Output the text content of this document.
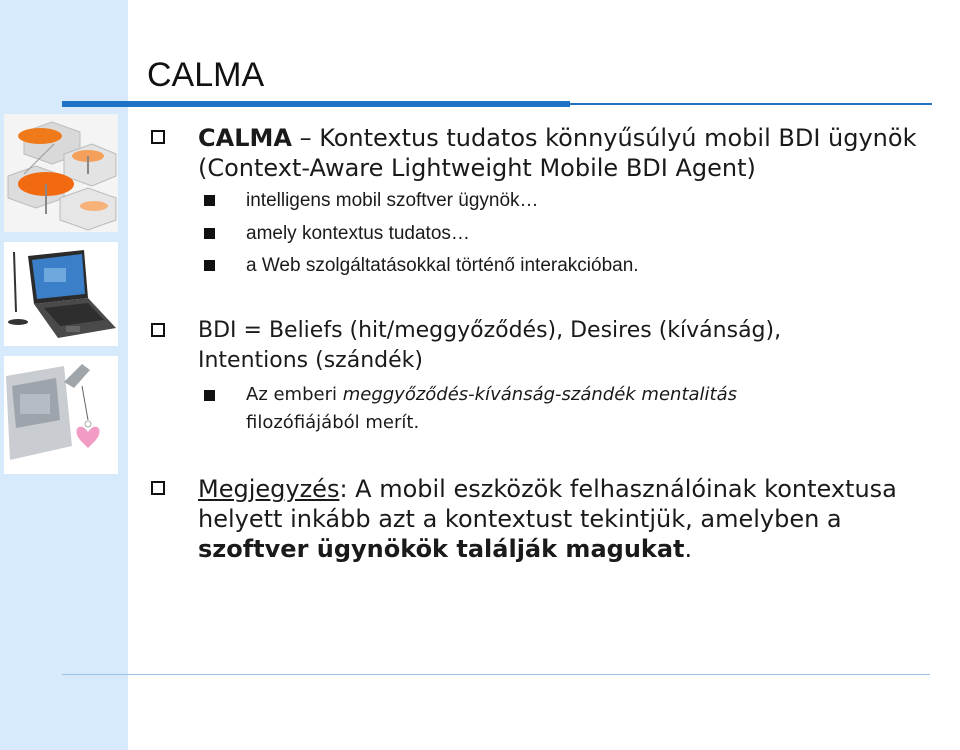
CALMA
CALMA – Kontextus tudatos könnyűsúlyú mobil BDI ügynök
(Context-Aware Lightweight Mobile BDI Agent)
intelligens mobil szoftver ügynök…
amely kontextus tudatos…
a Web szolgáltatásokkal történő interakcióban.
BDI = Beliefs (hit/meggyőződés), Desires (kívánság),
Intentions (szándék)
Az emberi meggyőződés-kívánság-szándék mentalitás
filozófiájából merít.
Megjegyzés: A mobil eszközök felhasználóinak kontextusa
helyett inkább azt a kontextust tekintjük, amelyben a
szoftver ügynökök találják magukat.
